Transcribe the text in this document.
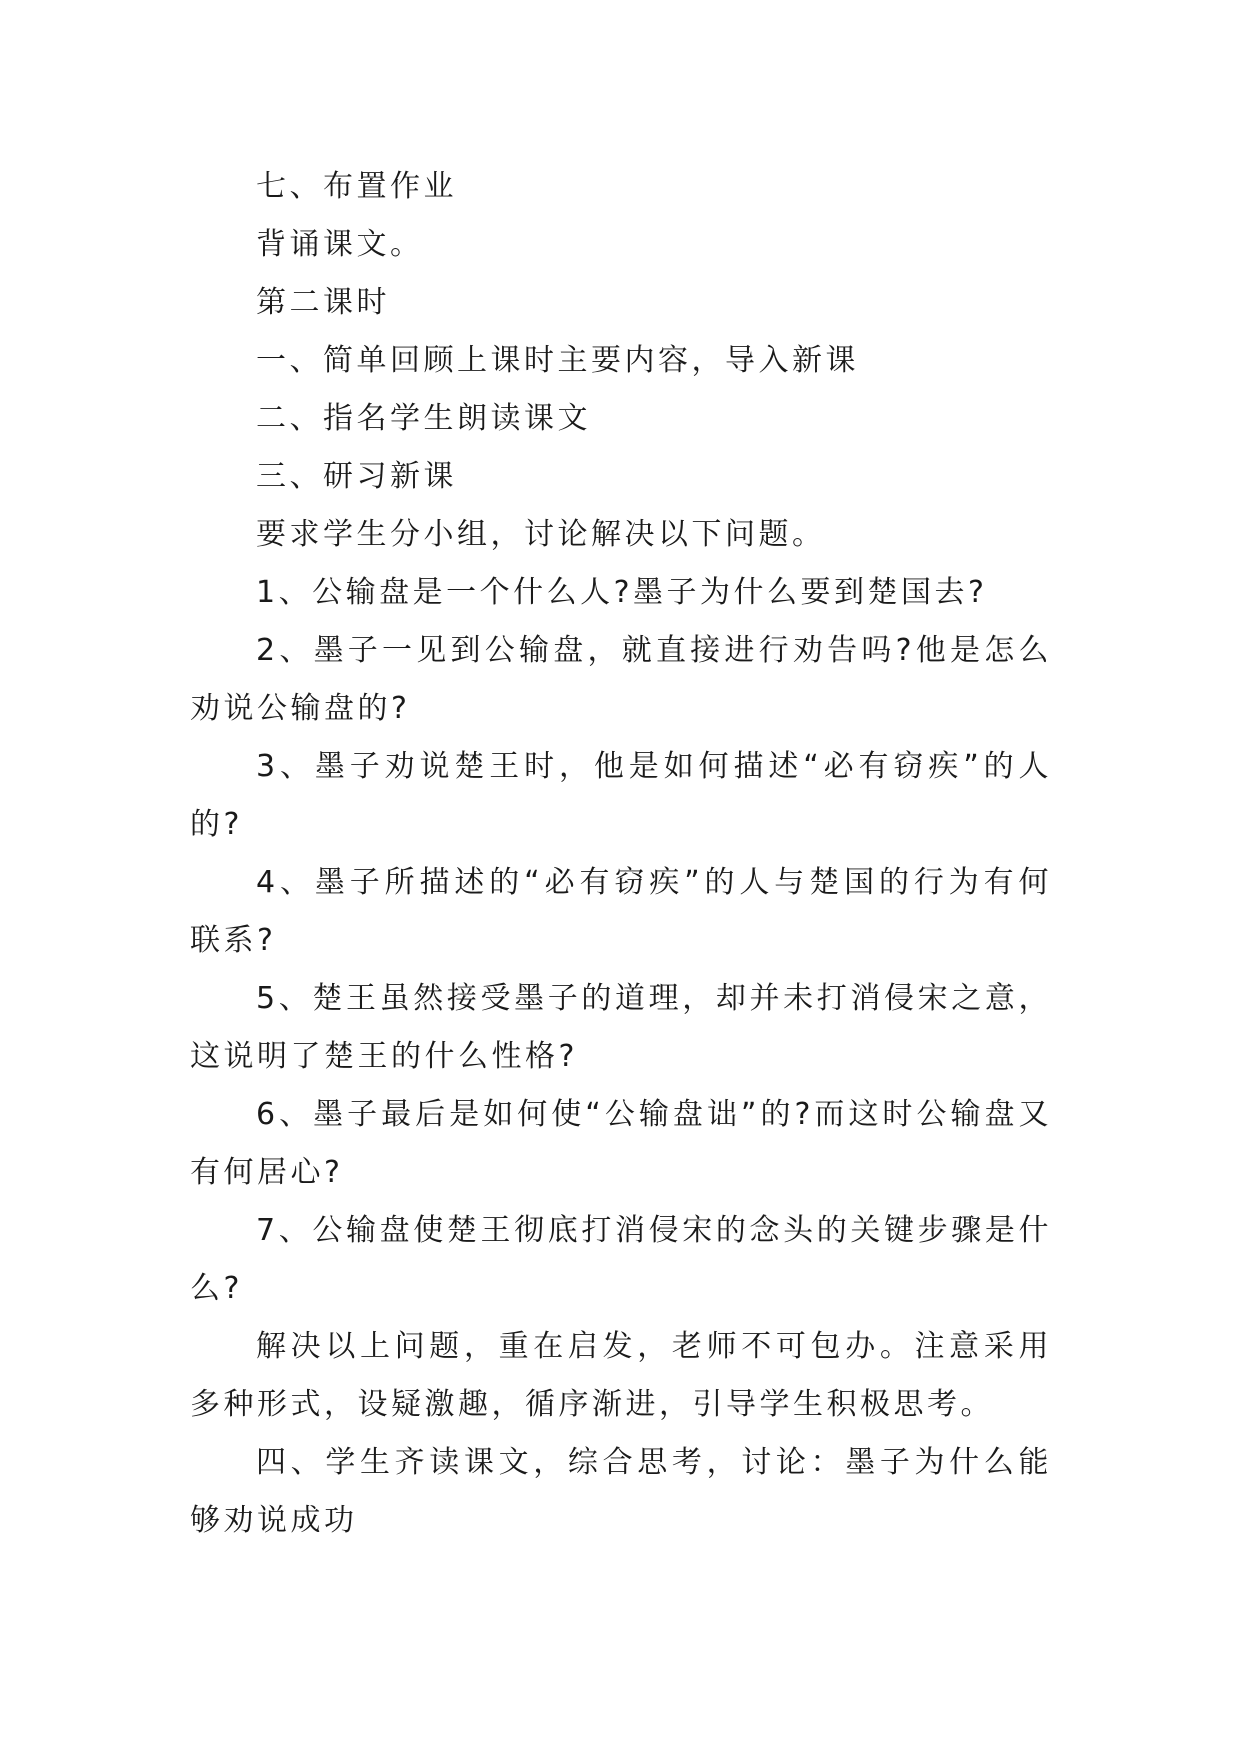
七、布置作业

背诵课文。

第二课时

一、简单回顾上课时主要内容，导入新课

二、指名学生朗读课文

三、研习新课

要求学生分小组，讨论解决以下问题。

1、公输盘是一个什么人?墨子为什么要到楚国去?

2、墨子一见到公输盘，就直接进行劝告吗?他是怎么劝说公输盘的?

3、墨子劝说楚王时，他是如何描述“必有窃疾”的人的?

4、墨子所描述的“必有窃疾”的人与楚国的行为有何联系?

5、楚王虽然接受墨子的道理，却并未打消侵宋之意，这说明了楚王的什么性格?

6、墨子最后是如何使“公输盘诎”的?而这时公输盘又有何居心?

7、公输盘使楚王彻底打消侵宋的念头的关键步骤是什么?

解决以上问题，重在启发，老师不可包办。注意采用多种形式，设疑激趣，循序渐进，引导学生积极思考。

四、学生齐读课文，综合思考，讨论：墨子为什么能够劝说成功
